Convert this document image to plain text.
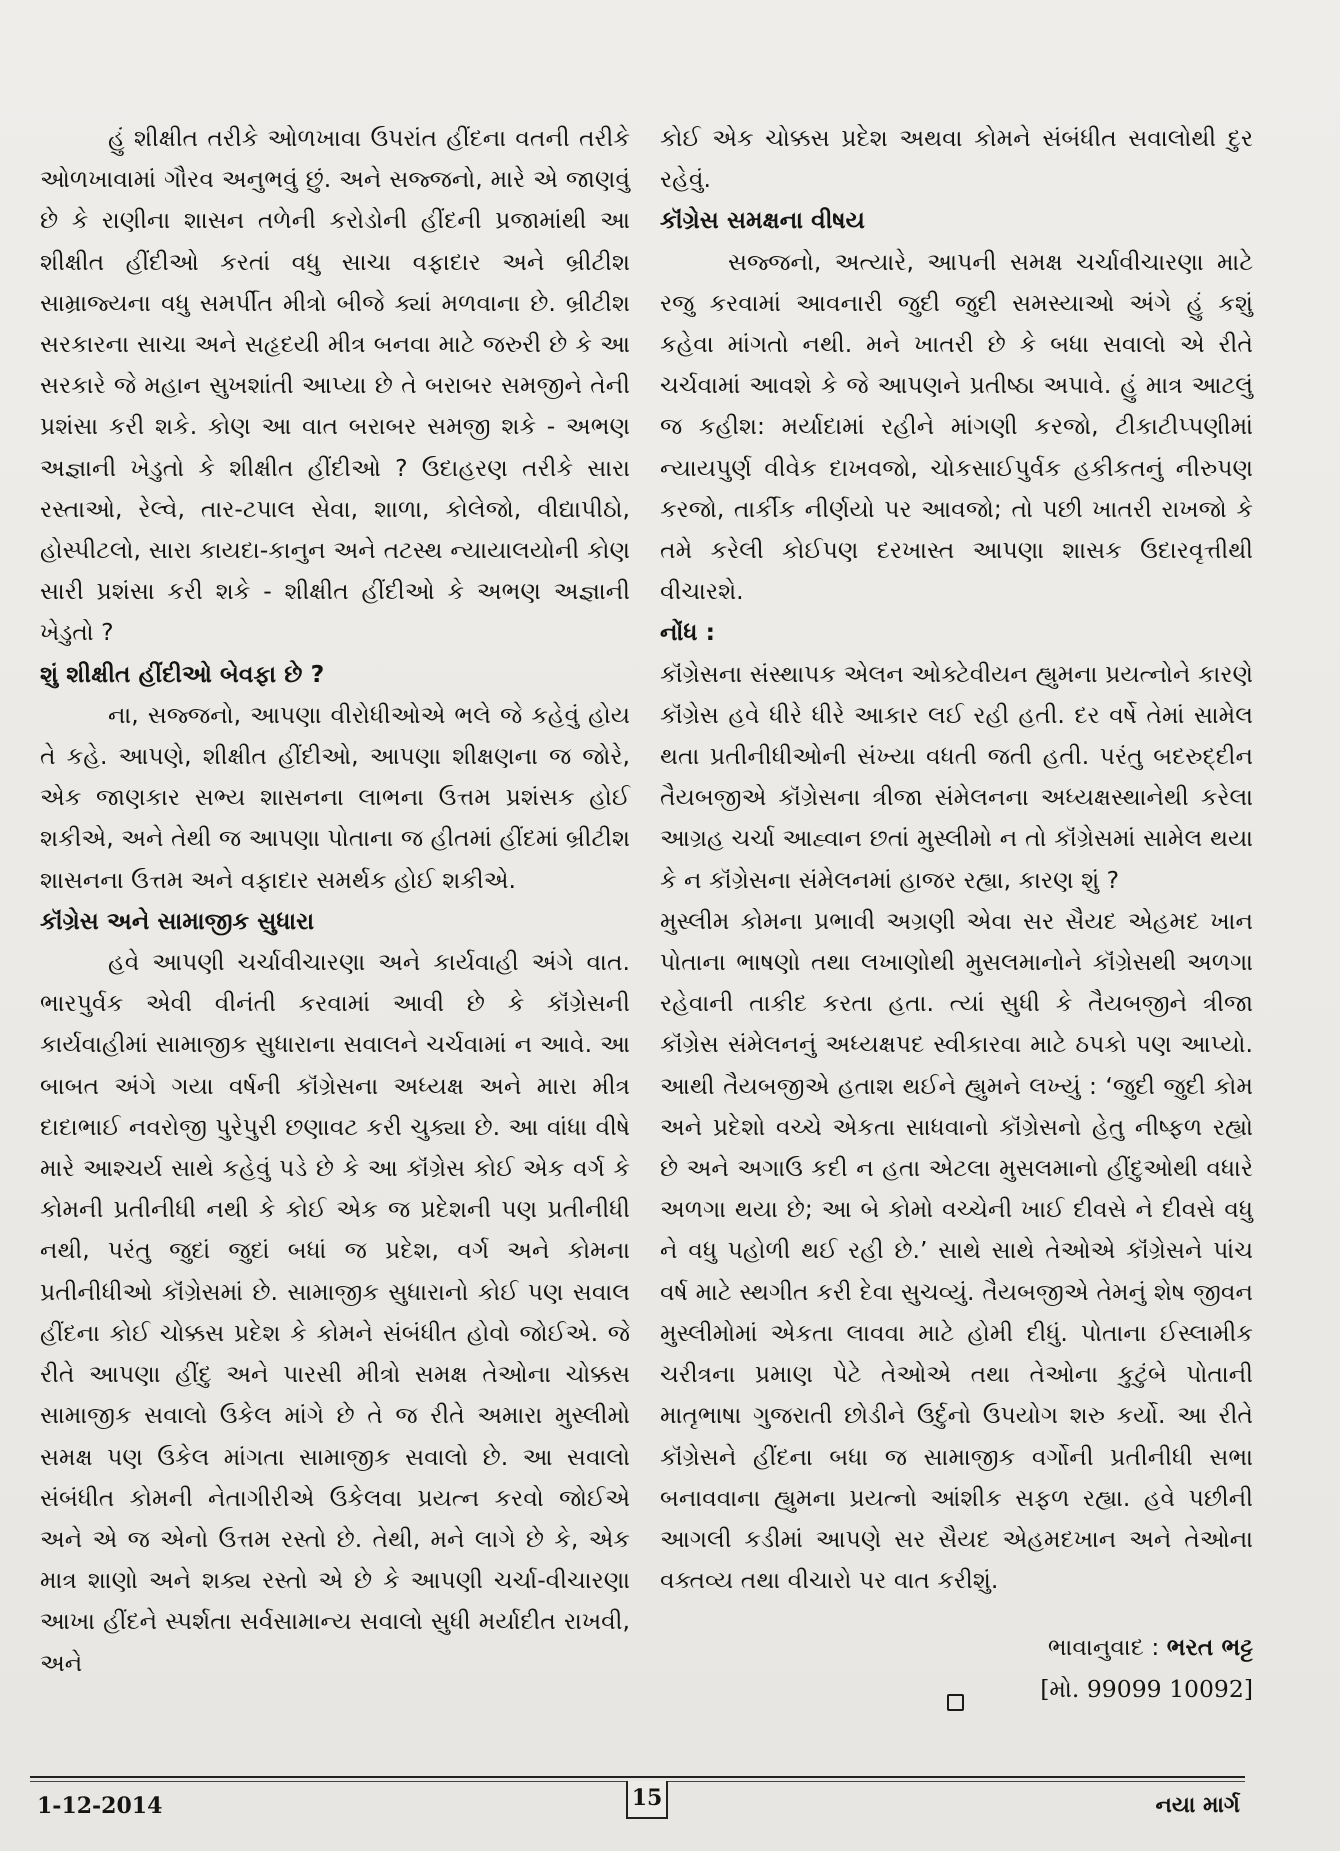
હું શીક્ષીત તરીકે ઓળખાવા ઉપરાંત હીંદના વતની તરીકે ઓળખાવામાં ગૌરવ અનુભવું છું. અને સજ્જનો, મારે એ જાણવું છે કે રાણીના શાસન તળેની કરોડોની હીંદની પ્રજામાંથી આ શીક્ષીત હીંદીઓ કરતાં વધુ સાચા વફાદાર અને બ્રીટીશ સામ્રાજ્યના વધુ સમર્પીત મીત્રો બીજે ક્યાં મળવાના છે. બ્રીટીશ સરકારના સાચા અને સહૃદયી મીત્ર બનવા માટે જરુરી છે કે આ સરકારે જે મહાન સુખશાંતી આપ્યા છે તે બરાબર સમજીને તેની પ્રશંસા કરી શકે. કોણ આ વાત બરાબર સમજી શકે - અભણ અજ્ઞાની ખેડુતો કે શીક્ષીત હીંદીઓ ? ઉદાહરણ તરીકે સારા રસ્તાઓ, રેલ્વે, તાર-ટપાલ સેવા, શાળા, કોલેજો, વીદ્યાપીઠો, હોસ્પીટલો, સારા કાયદા-કાનુન અને તટસ્થ ન્યાયાલયોની કોણ સારી પ્રશંસા કરી શકે - શીક્ષીત હીંદીઓ કે અભણ અજ્ઞાની ખેડુતો ?

શું શીક્ષીત હીંદીઓ બેવફા છે ?

ના, સજ્જનો, આપણા વીરોધીઓએ ભલે જે કહેવું હોય તે કહે. આપણે, શીક્ષીત હીંદીઓ, આપણા શીક્ષણના જ જોરે, એક જાણકાર સભ્ય શાસનના લાભના ઉત્તમ પ્રશંસક હોઈ શકીએ, અને તેથી જ આપણા પોતાના જ હીતમાં હીંદમાં બ્રીટીશ શાસનના ઉત્તમ અને વફાદાર સમર્થક હોઈ શકીએ.

કૉંગ્રેસ અને સામાજીક સુધારા

હવે આપણી ચર્ચાવીચારણા અને કાર્યવાહી અંગે વાત. ભારપુર્વક એવી વીનંતી કરવામાં આવી છે કે કૉંગ્રેસની કાર્યવાહીમાં સામાજીક સુધારાના સવાલને ચર્ચવામાં ન આવે. આ બાબત અંગે ગયા વર્ષની કૉંગ્રેસના અધ્યક્ષ અને મારા મીત્ર દાદાભાઈ નવરોજી પુરેપુરી છણાવટ કરી ચુક્યા છે. આ વાંધા વીષે મારે આશ્ચર્ય સાથે કહેવું પડે છે કે આ કૉંગ્રેસ કોઈ એક વર્ગ કે કોમની પ્રતીનીધી નથી કે કોઈ એક જ પ્રદેશની પણ પ્રતીનીધી નથી, પરંતુ જુદાં જુદાં બધાં જ પ્રદેશ, વર્ગ અને કોમના પ્રતીનીધીઓ કૉંગ્રેસમાં છે. સામાજીક સુધારાનો કોઈ પણ સવાલ હીંદના કોઈ ચોક્કસ પ્રદેશ કે કોમને સંબંધીત હોવો જોઈએ. જે રીતે આપણા હીંદુ અને પારસી મીત્રો સમક્ષ તેઓના ચોક્કસ સામાજીક સવાલો ઉકેલ માંગે છે તે જ રીતે અમારા મુસ્લીમો સમક્ષ પણ ઉકેલ માંગતા સામાજીક સવાલો છે. આ સવાલો સંબંધીત કોમની નેતાગીરીએ ઉકેલવા પ્રયત્ન કરવો જોઈએ અને એ જ એનો ઉત્તમ રસ્તો છે. તેથી, મને લાગે છે કે, એક માત્ર શાણો અને શક્ય રસ્તો એ છે કે આપણી ચર્ચા-વીચારણા આખા હીંદને સ્પર્શતા સર્વસામાન્ય સવાલો સુધી મર્યાદીત રાખવી, અને

કોઈ એક ચોક્કસ પ્રદેશ અથવા કોમને સંબંધીત સવાલોથી દુર રહેવું.

કૉંગ્રેસ સમક્ષના વીષય

સજ્જનો, અત્યારે, આપની સમક્ષ ચર્ચાવીચારણા માટે રજુ કરવામાં આવનારી જુદી જુદી સમસ્યાઓ અંગે હું કશું કહેવા માંગતો નથી. મને ખાતરી છે કે બધા સવાલો એ રીતે ચર્ચવામાં આવશે કે જે આપણને પ્રતીષ્ઠા અપાવે. હું માત્ર આટલું જ કહીશ: મર્યાદામાં રહીને માંગણી કરજો, ટીકાટીપ્પણીમાં ન્યાયપુર્ણ વીવેક દાખવજો, ચોકસાઈપુર્વક હકીકતનું નીરુપણ કરજો, તાર્કીક નીર્ણયો પર આવજો; તો પછી ખાતરી રાખજો કે તમે કરેલી કોઈપણ દરખાસ્ત આપણા શાસક ઉદારવૃત્તીથી વીચારશે.

નોંધ :

કૉંગ્રેસના સંસ્થાપક એલન ઓક્ટેવીયન હ્યુમના પ્રયત્નોને કારણે કૉંગ્રેસ હવે ધીરે ધીરે આકાર લઈ રહી હતી. દર વર્ષે તેમાં સામેલ થતા પ્રતીનીધીઓની સંખ્યા વધતી જતી હતી. પરંતુ બદરુદ્દીન તૈયબજીએ કૉંગ્રેસના ત્રીજા સંમેલનના અધ્યક્ષસ્થાનેથી કરેલા આગ્રહ ચર્ચા આહ્વાન છતાં મુસ્લીમો ન તો કૉંગ્રેસમાં સામેલ થયા કે ન કૉંગ્રેસના સંમેલનમાં હાજર રહ્યા, કારણ શું ?

મુસ્લીમ કોમના પ્રભાવી અગ્રણી એવા સર સૈયદ એહમદ ખાન પોતાના ભાષણો તથા લખાણોથી મુસલમાનોને કૉંગ્રેસથી અળગા રહેવાની તાકીદ કરતા હતા. ત્યાં સુધી કે તૈયબજીને ત્રીજા કૉંગ્રેસ સંમેલનનું અધ્યક્ષપદ સ્વીકારવા માટે ઠપકો પણ આપ્યો. આથી તૈયબજીએ હતાશ થઈને હ્યુમને લખ્યું : ‘જુદી જુદી કોમ અને પ્રદેશો વચ્ચે એકતા સાધવાનો કૉંગ્રેસનો હેતુ નીષ્ફળ રહ્યો છે અને અગાઉ કદી ન હતા એટલા મુસલમાનો હીંદુઓથી વધારે અળગા થયા છે; આ બે કોમો વચ્ચેની ખાઈ દીવસે ને દીવસે વધુ ને વધુ પહોળી થઈ રહી છે.’ સાથે સાથે તેઓએ કૉંગ્રેસને પાંચ વર્ષ માટે સ્થગીત કરી દેવા સુચવ્યું. તૈયબજીએ તેમનું શેષ જીવન મુસ્લીમોમાં એકતા લાવવા માટે હોમી દીધું. પોતાના ઈસ્લામીક ચરીત્રના પ્રમાણ પેટે તેઓએ તથા તેઓના કુટુંબે પોતાની માતૃભાષા ગુજરાતી છોડીને ઉર્દુનો ઉપયોગ શરુ કર્યો. આ રીતે કૉંગ્રેસને હીંદના બધા જ સામાજીક વર્ગોની પ્રતીનીધી સભા બનાવવાના હ્યુમના પ્રયત્નો આંશીક સફળ રહ્યા. હવે પછીની આગલી કડીમાં આપણે સર સૈયદ એહમદખાન અને તેઓના વક્તવ્ય તથા વીચારો પર વાત કરીશું.

ભાવાનુવાદ : ભરત ભટ્ટ

[મો. 99099 10092]

1-12-2014	15	નયા માર્ગ
